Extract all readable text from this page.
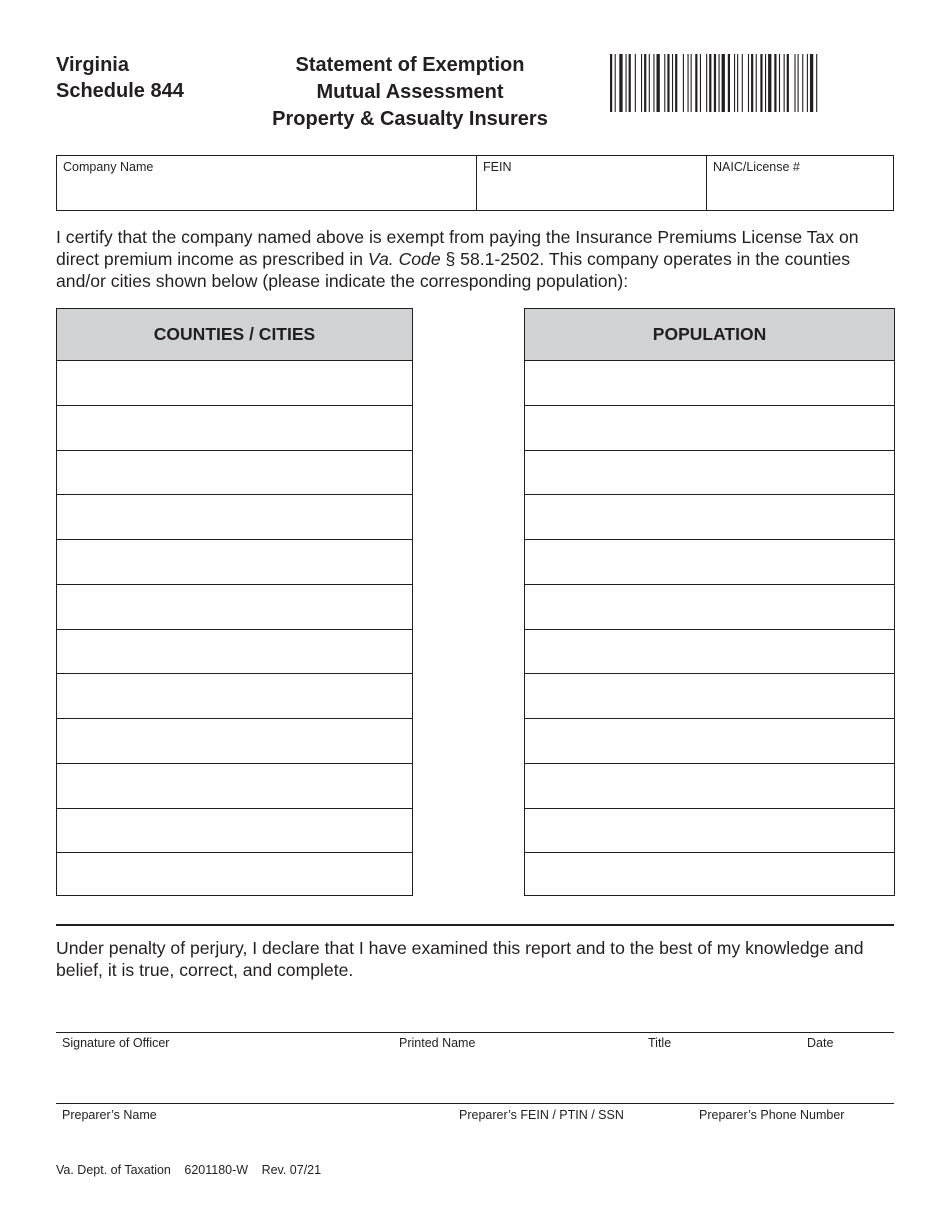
Virginia
Schedule 844
Statement of Exemption
Mutual Assessment
Property & Casualty Insurers
Company Name	FEIN	NAIC/License #
I certify that the company named above is exempt from paying the Insurance Premiums License Tax on direct premium income as prescribed in Va. Code § 58.1-2502. This company operates in the counties and/or cities shown below (please indicate the corresponding population):
COUNTIES / CITIES	POPULATION
Under penalty of perjury, I declare that I have examined this report and to the best of my knowledge and belief, it is true, correct, and complete.
Signature of Officer	Printed Name	Title	Date
Preparer’s Name	Preparer’s FEIN / PTIN / SSN	Preparer’s Phone Number
Va. Dept. of Taxation 6201180-W Rev. 07/21
